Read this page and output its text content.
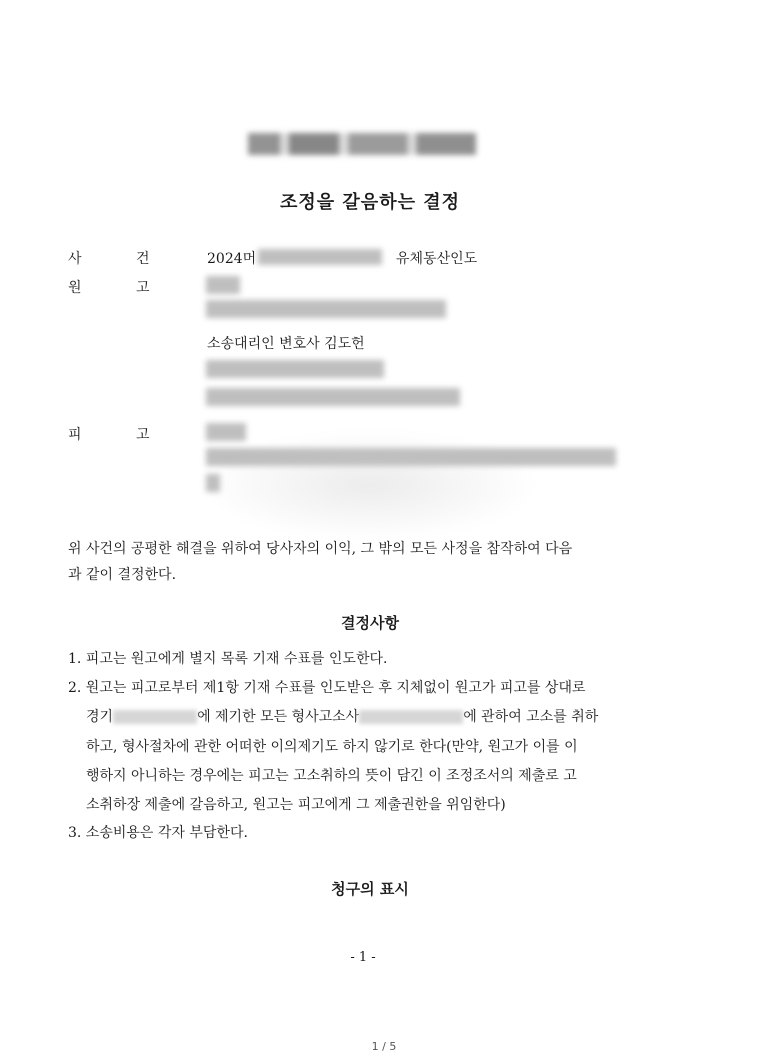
조정을 갈음하는 결정
사	건	2024머	유체동산인도
원	고
소송대리인 변호사 김도헌
피	고
위 사건의 공평한 해결을 위하여 당사자의 이익, 그 밖의 모든 사정을 참작하여 다음
과 같이 결정한다.
결정사항
1. 피고는 원고에게 별지 목록 기재 수표를 인도한다.
2. 원고는 피고로부터 제1항 기재 수표를 인도받은 후 지체없이 원고가 피고를 상대로
경기	에 제기한 모든 형사고소사	에 관하여 고소를 취하
하고, 형사절차에 관한 어떠한 이의제기도 하지 않기로 한다(만약, 원고가 이를 이
행하지 아니하는 경우에는 피고는 고소취하의 뜻이 담긴 이 조정조서의 제출로 고
소취하장 제출에 갈음하고, 원고는 피고에게 그 제출권한을 위임한다)
3. 소송비용은 각자 부담한다.
청구의 표시
- 1 -
1 / 5
